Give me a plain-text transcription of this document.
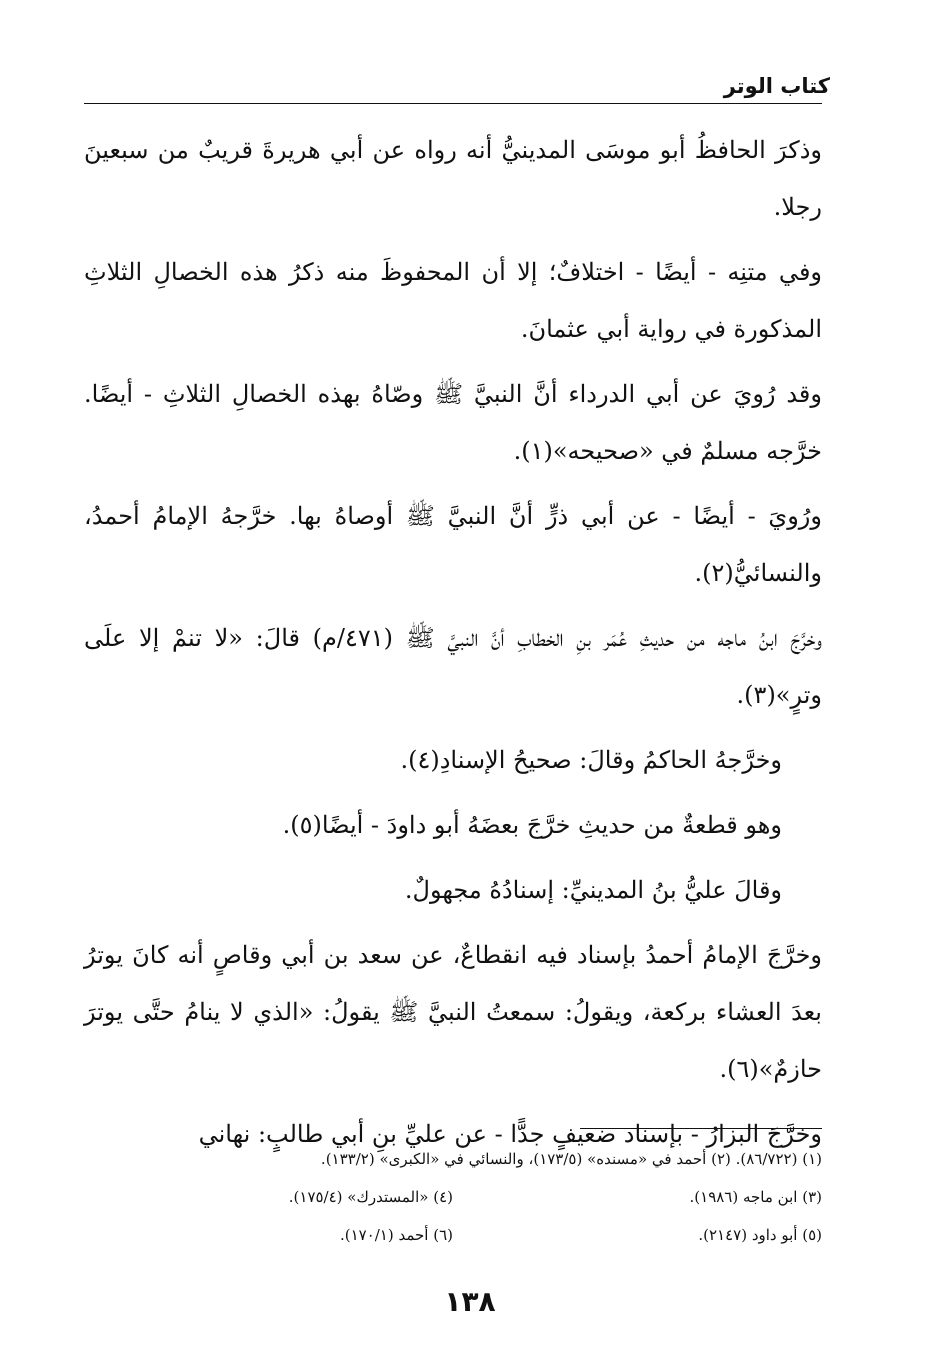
كتاب الوتر

وذكرَ الحافظُ أبو موسَى المدينيُّ أنه رواه عن أبي هريرةَ قريبٌ من سبعينَ رجلا.

وفي متنِه - أيضًا - اختلافٌ؛ إلا أن المحفوظَ منه ذكرُ هذه الخصالِ الثلاثِ المذكورة في رواية أبي عثمانَ.

وقد رُويَ عن أبي الدرداء أنَّ النبيَّ ﷺ وصّاهُ بهذه الخصالِ الثلاثِ - أيضًا. خرَّجه مسلمٌ في «صحيحه»(١).

ورُويَ - أيضًا - عن أبي ذرٍّ أنَّ النبيَّ ﷺ أوصاهُ بها. خرَّجهُ الإمامُ أحمدُ، والنسائيُّ(٢).

وخرَّجَ ابنُ ماجه من حديثِ عُمَر بنِ الخطابِ أنَّ النبيَّ ﷺ (٤٧١/م) قالَ: «لا تنمْ إلا علَى وترٍ»(٣).

وخرَّجهُ الحاكمُ وقالَ: صحيحُ الإسنادِ(٤).

وهو قطعةٌ من حديثِ خرَّجَ بعضَهُ أبو داودَ - أيضًا(٥).

وقالَ عليُّ بنُ المدينيِّ: إسنادُهُ مجهولٌ.

وخرَّجَ الإمامُ أحمدُ بإسناد فيه انقطاعٌ، عن سعد بن أبي وقاصٍ أنه كانَ يوترُ بعدَ العشاء بركعة، ويقولُ: سمعتُ النبيَّ ﷺ يقولُ: «الذي لا ينامُ حتَّى يوترَ حازمٌ»(٦).

وخرَّجَ البزارُ - بإسناد ضعيفٍ جدًّا - عن عليِّ بنِ أبي طالبٍ: نهاني

(١) (٨٦/٧٢٢). (٢) أحمد في «مسنده» (١٧٣/٥)، والنسائي في «الكبرى» (١٣٣/٢).
(٣) ابن ماجه (١٩٨٦).
(٤) «المستدرك» (١٧٥/٤).
(٥) أبو داود (٢١٤٧).
(٦) أحمد (١٧٠/١).
١٣٨
